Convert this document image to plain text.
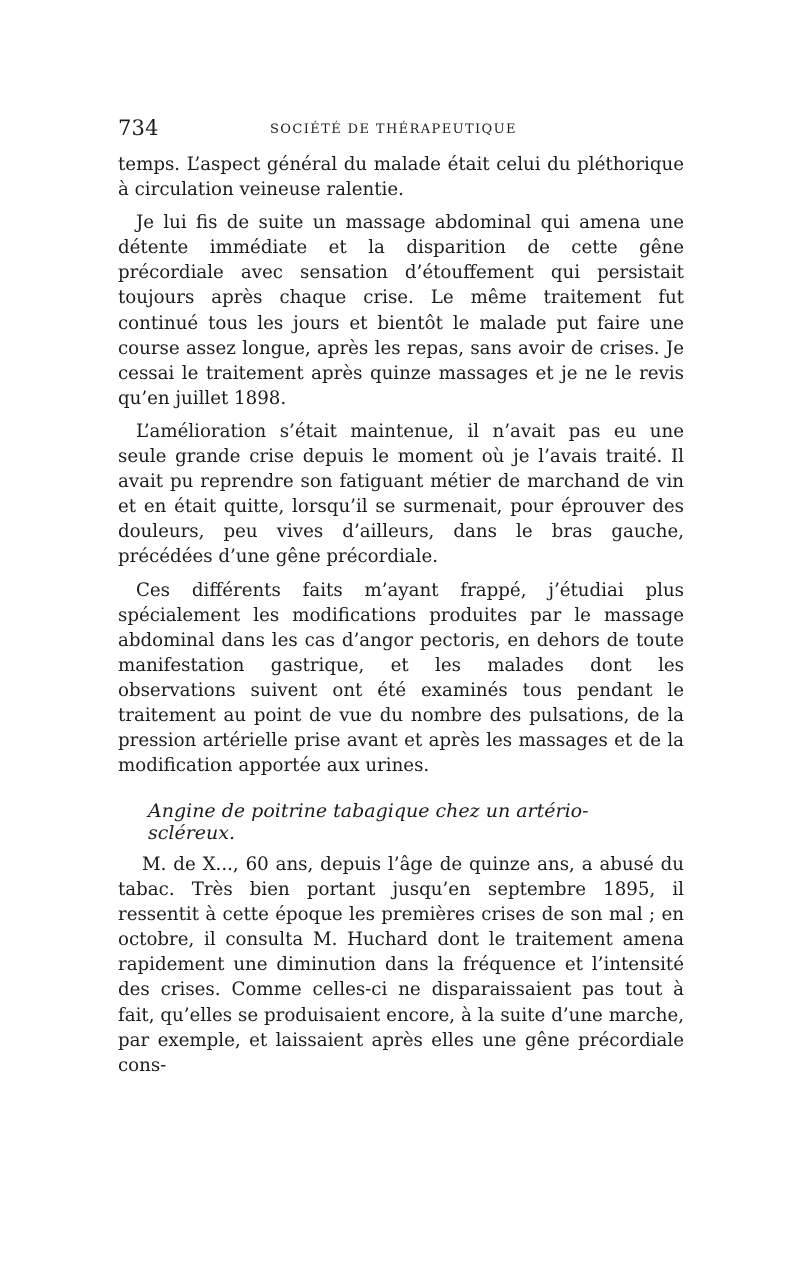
734	SOCIÉTÉ DE THÉRAPEUTIQUE

temps. L’aspect général du malade était celui du pléthorique à circulation veineuse ralentie.

Je lui fis de suite un massage abdominal qui amena une détente immédiate et la disparition de cette gêne précordiale avec sensation d’étouffement qui persistait toujours après chaque crise. Le même traitement fut continué tous les jours et bientôt le malade put faire une course assez longue, après les repas, sans avoir de crises. Je cessai le traitement après quinze massages et je ne le revis qu’en juillet 1898.

L’amélioration s’était maintenue, il n’avait pas eu une seule grande crise depuis le moment où je l’avais traité. Il avait pu reprendre son fatiguant métier de marchand de vin et en était quitte, lorsqu’il se surmenait, pour éprouver des douleurs, peu vives d’ailleurs, dans le bras gauche, précédées d’une gêne précordiale.

Ces différents faits m’ayant frappé, j’étudiai plus spécialement les modifications produites par le massage abdominal dans les cas d’angor pectoris, en dehors de toute manifestation gastrique, et les malades dont les observations suivent ont été examinés tous pendant le traitement au point de vue du nombre des pulsations, de la pression artérielle prise avant et après les massages et de la modification apportée aux urines.

Angine de poitrine tabagique chez un artério-scléreux.

M. de X..., 60 ans, depuis l’âge de quinze ans, a abusé du tabac. Très bien portant jusqu’en septembre 1895, il ressentit à cette époque les premières crises de son mal ; en octobre, il consulta M. Huchard dont le traitement amena rapidement une diminution dans la fréquence et l’intensité des crises. Comme celles-ci ne disparaissaient pas tout à fait, qu’elles se produisaient encore, à la suite d’une marche, par exemple, et laissaient après elles une gêne précordiale cons-
